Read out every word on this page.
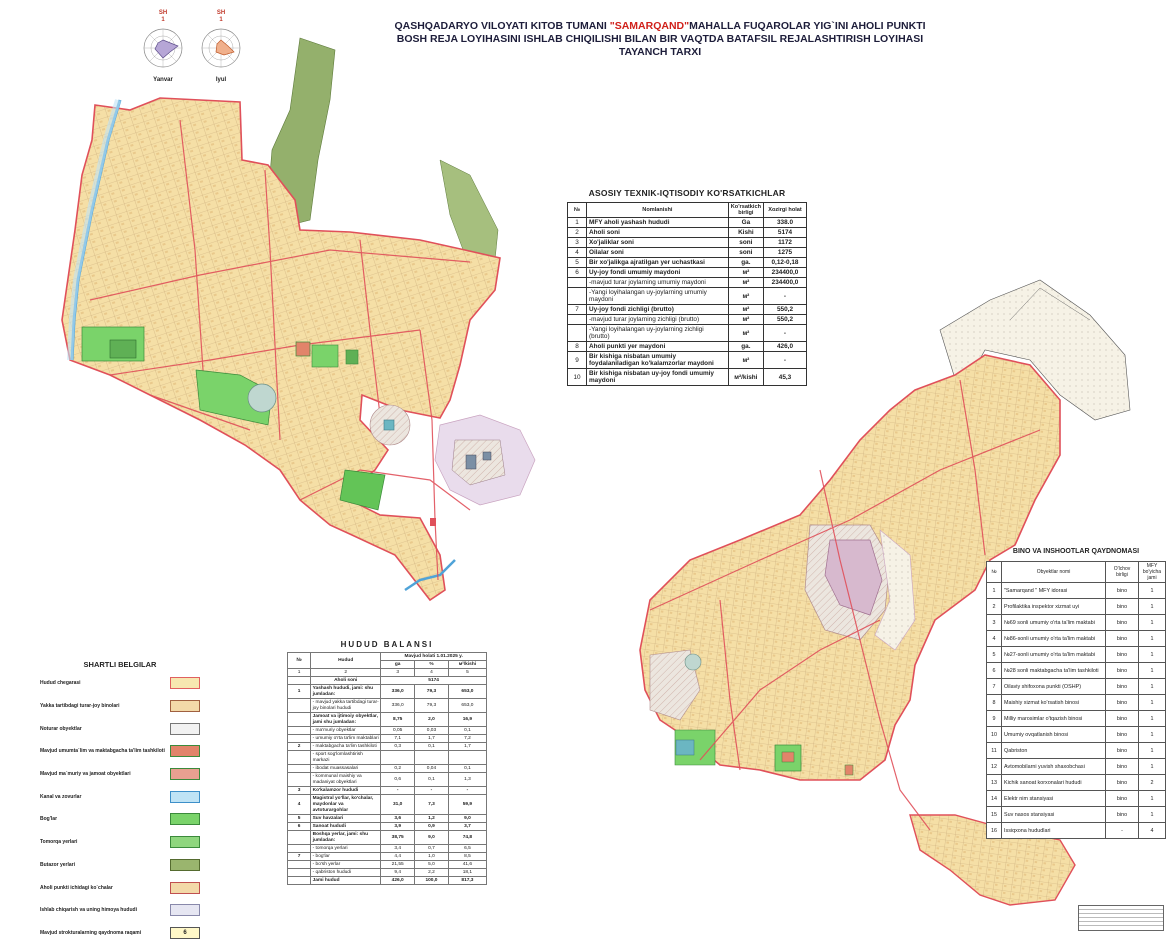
SH
1
Yanvar
SH
1
Iyul
QASHQADARYO VILOYATI KITOB TUMANI "SAMARQAND"MAHALLA FUQAROLAR YIG`INI AHOLI PUNKTI
BOSH REJA LOYIHASINI ISHLAB CHIQILISHI BILAN BIR VAQTDA BATAFSIL REJALASHTIRISH LOYIHASI
TAYANCH TARXI
ASOSIY TEXNIK-IQTISODIY KO'RSATKICHLAR
№	Nomlanishi	Ko'rsatkich birligi	Xozirgi holat
1	MFY aholi yashash hududi	Ga	338.0
2	Aholi soni	Kishi	5174
3	Xo'jaliklar soni	soni	1172
4	Oilalar soni	soni	1275
5	Bir xo'jalikga ajratilgan yer uchastkasi	ga.	0,12-0,18
6	Uy-joy fondi umumiy maydoni	м²	234400,0
	-mavjud turar joylarning umumiy maydoni	м²	234400,0
	-Yangi loyihalangan uy-joylarning umumiy maydoni	м²	-
7	Uy-joy fondi zichligi (brutto)	м²	550,2
	-mavjud turar joylarning zichligi (brutto)	м²	550,2
	-Yangi loyihalangan uy-joylarning zichligi (brutto)	м²	-
8	Aholi punkti yer maydoni	ga.	426,0
9	Bir kishiga nisbatan umumiy foydalaniladigan ko'kalamzorlar maydoni	м²	-
10	Bir kishiga nisbatan uy-joy fondi umumiy maydoni	м²/kishi	45,3
BINO VA INSHOOTLAR QAYDNOMASI
№	Obyektlar nomi	O'lchov birligi	MFY bo'yicha jami
1	"Samarqand " MFY idorasi	bino	1
2	Profilaktika inspektor xizmat uyi	bino	1
3	№69 sonli umumiy o'rta ta'lim maktabi	bino	1
4	№86-sonli umumiy o'rta ta'lim maktabi	bino	1
5	№27-sonli umumiy o'rta ta'lim maktabi	bino	1
6	№28 sonli maktabgacha ta'lim tashkiloti	bino	1
7	Oilaviy shifoxona punkti (OSHP)	bino	1
8	Maishiy xizmat ko'rsatish binosi	bino	1
9	Milliy marosimlar o'tqazish binosi	bino	1
10	Umumiy ovqatlanish binosi	bino	1
11	Qabriston	bino	1
12	Avtomobilarni yuvish shaxobchasi	bino	1
13	Kichik sanoat korxonalari hududi	bino	2
14	Elektr nim stansiyasi	bino	1
15	Suv nasos stansiyasi	bino	1
16	Issiqxona hududlari	-	4
HUDUD BALANSI
№	Hudud	Mavjud holati 1.01.2025 y.		
		ga	%	м²/kishi
1	2	3	4	5
	Aholi soni	5174		
1	Yashash hududi, jami: shu jumladan:	336,0	79,3	653,0
	- mavjud yakka tartibdagi turar-joy binolari hududi	336,0	79,3	653,0
	Jamoat va ijtimoiy obyektlar, jami shu jumladan:	8,75	2,0	16,9
	- ma'muriy obyektlar	0,05	0,03	0,1
	- umumiy o'rta ta'lim maktablari	7,1	1,7	7,2
2	- maktabgacha ta'lim tashkiloti	0,3	0,1	1,7
	- sport sog'lomlashtirish markazi			
	- ibodat muassasalari	0,2	0,04	0,1
	- kommunal maishiy va madaniyat obyektlari	0,6	0,1	1,3
3	Ko'kalamzor hududi	-	-	-
4	Magistral yo'llar, ko'chalar, maydonlar va avtoturargohlar	31,0	7,3	59,9
5	Suv havzalari	3,6	1,2	9,0
6	Sanoat hududi	3,9	0,9	3,7
	Boshqa yerlar, jami: shu jumladan:	38,75	9,0	74,8
	- tomorqa yerlari	3,4	0,7	6,5
7	- bog'lar	4,4	1,0	8,5
	- bo'sh yerlar	21,55	5,0	41,6
	- qabriston hududi	9,4	2,2	18,1
	Jami hudud	426,0	100,0	817,3
SHARTLI BELGILAR
Hudud chegarasi
Yakka tartibdagi turar-joy binolari
Noturar obyektlar
Mavjud umumta`lim va maktabgacha ta'lim tashkiloti
Mavjud ma`muriy va jamoat obyektlari
Kanal va zovurlar
Bog'lar
Tomorqa yerlari
Butazor yerlari
Aholi punkti ichidagi ko`chalar
Ishlab chiqarish va uning himoya hududi
Mavjud strokturalarning qaydnoma raqami	6
